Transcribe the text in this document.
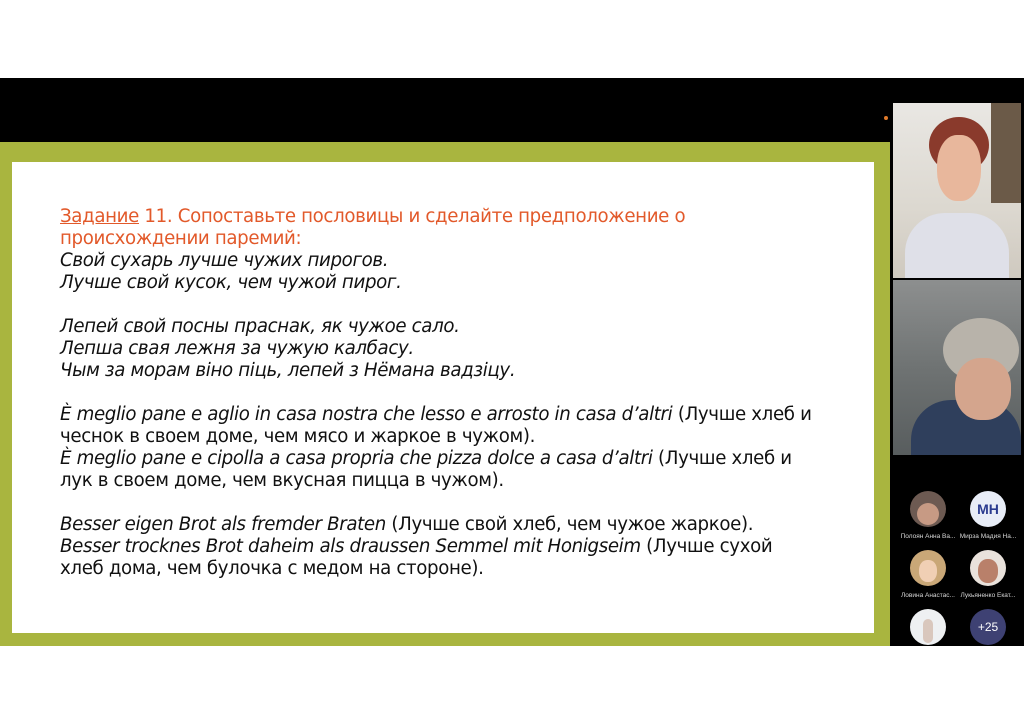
Задание 11. Сопоставьте пословицы и сделайте предположение о происхождении паремий:

Свой сухарь лучше чужих пирогов.

Лучше свой кусок, чем чужой пирог.

Лепей свой посны праснак, як чужое сало.

Лепша свая лежня за чужую калбасу.

Чым за морам віно піць, лепей з Нёмана вадзіцу.

È meglio pane e aglio in casa nostra che lesso e arrosto in casa d’altri (Лучше хлеб и чеснок в своем доме, чем мясо и жаркое в чужом).

È meglio pane e cipolla a casa propria che pizza dolce a casa d’altri (Лучше хлеб и лук в своем доме, чем вкусная пицца в чужом).

Besser eigen Brot als fremder Braten (Лучше свой хлеб, чем чужое жаркое).

Besser trocknes Brot daheim als draussen Semmel mit Honigseim (Лучше сухой хлеб дома, чем булочка с медом на стороне).

Полоян Анна Ва...
MH
Мирза Мадия На...
Ловина Анастас... Лукьяненко Екат...
+25
